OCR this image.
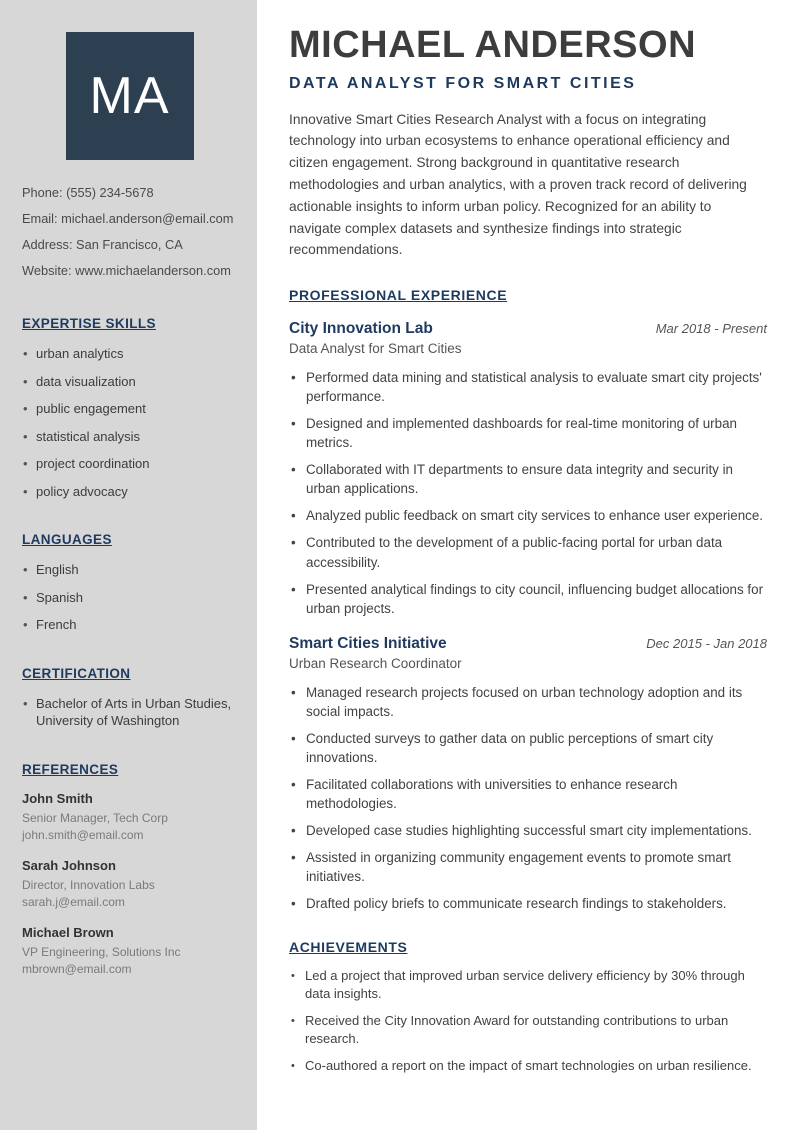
MA
Phone: (555) 234-5678
Email: michael.anderson@email.com
Address: San Francisco, CA
Website: www.michaelanderson.com
EXPERTISE SKILLS
• urban analytics
• data visualization
• public engagement
• statistical analysis
• project coordination
• policy advocacy
LANGUAGES
• English
• Spanish
• French
CERTIFICATION
• Bachelor of Arts in Urban Studies, University of Washington
REFERENCES
John Smith
Senior Manager, Tech Corp
john.smith@email.com
Sarah Johnson
Director, Innovation Labs
sarah.j@email.com
Michael Brown
VP Engineering, Solutions Inc
mbrown@email.com
MICHAEL ANDERSON
DATA ANALYST FOR SMART CITIES

Innovative Smart Cities Research Analyst with a focus on integrating technology into urban ecosystems to enhance operational efficiency and citizen engagement. Strong background in quantitative research methodologies and urban analytics, with a proven track record of delivering actionable insights to inform urban policy. Recognized for an ability to navigate complex datasets and synthesize findings into strategic recommendations.

PROFESSIONAL EXPERIENCE
City Innovation Lab	Mar 2018 - Present
Data Analyst for Smart Cities
• Performed data mining and statistical analysis to evaluate smart city projects' performance.
• Designed and implemented dashboards for real-time monitoring of urban metrics.
• Collaborated with IT departments to ensure data integrity and security in urban applications.
• Analyzed public feedback on smart city services to enhance user experience.
• Contributed to the development of a public-facing portal for urban data accessibility.
• Presented analytical findings to city council, influencing budget allocations for urban projects.
Smart Cities Initiative	Dec 2015 - Jan 2018
Urban Research Coordinator
• Managed research projects focused on urban technology adoption and its social impacts.
• Conducted surveys to gather data on public perceptions of smart city innovations.
• Facilitated collaborations with universities to enhance research methodologies.
• Developed case studies highlighting successful smart city implementations.
• Assisted in organizing community engagement events to promote smart initiatives.
• Drafted policy briefs to communicate research findings to stakeholders.
ACHIEVEMENTS
• Led a project that improved urban service delivery efficiency by 30% through data insights.
• Received the City Innovation Award for outstanding contributions to urban research.
• Co-authored a report on the impact of smart technologies on urban resilience.
